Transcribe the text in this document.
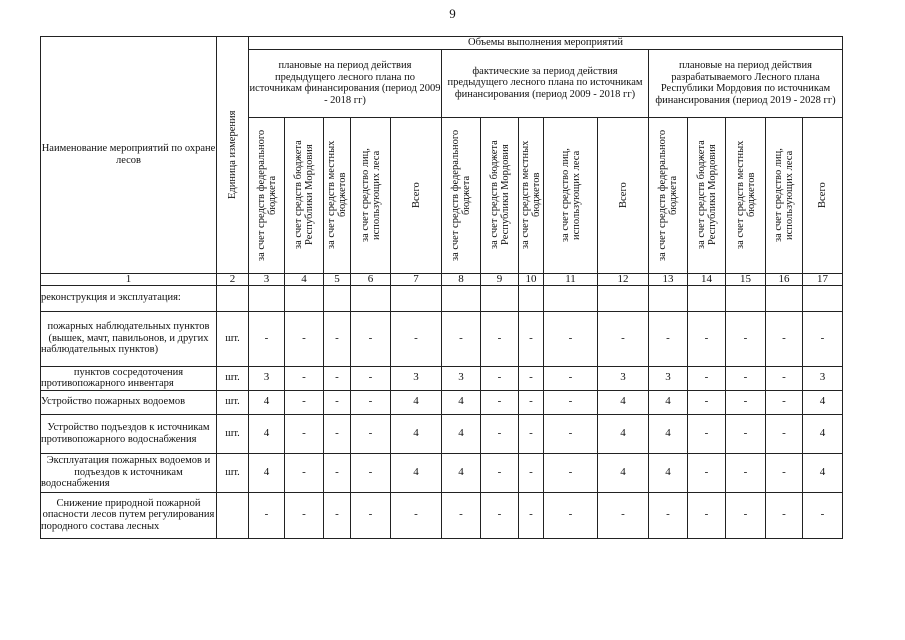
9
Наименование мероприятий по охране лесов	Единица измерения	Объемы выполнения мероприятий														
		плановые на период действия предыдущего лесного плана по источникам финансирования (период 2009 - 2018 гг)					фактические за период действия предыдущего лесного плана по источникам финансирования (период 2009 - 2018 гг)					плановые на период действия разрабатываемого Лесного плана Республики Мордовия по источникам финансирования (период 2019 - 2028 гг)				

		за счет средств федерального бюджета	за счет средств бюджета Республики Мордовия	за счет средств местных бюджетов	за счет средство лиц, использующих леса	Всего	за счет средств федерального бюджета	за счет средств бюджета Республики Мордовия	за счет средств местных бюджетов	за счет средство лиц, использующих леса	Всего	за счет средств федерального бюджета	за счет средств бюджета Республики Мордовия	за счет средств местных бюджетов	за счет средство лиц, использующих леса	Всего

1	2	3	4	5	6	7	8	9	10	11	12	13	14	15	16	17
реконструкция и эксплуатация:																
пожарных наблюдательных пунктов (вышек, мачт, павильонов, и других наблюдательных пунктов)	шт.	-	-	-	-	-	-	-	-	-	-	-	-	-	-	-
пунктов сосредоточения противопожарного инвентаря	шт.	3	-	-	-	3	3	-	-	-	3	3	-	-	-	3
Устройство пожарных водоемов	шт.	4	-	-	-	4	4	-	-	-	4	4	-	-	-	4
Устройство подъездов к источникам противопожарного водоснабжения	шт.	4	-	-	-	4	4	-	-	-	4	4	-	-	-	4
Эксплуатация пожарных водоемов и подъездов к источникам водоснабжения	шт.	4	-	-	-	4	4	-	-	-	4	4	-	-	-	4
Снижение природной пожарной опасности лесов путем регулирования породного состава лесных		-	-	-	-	-	-	-	-	-	-	-	-	-	-	-
